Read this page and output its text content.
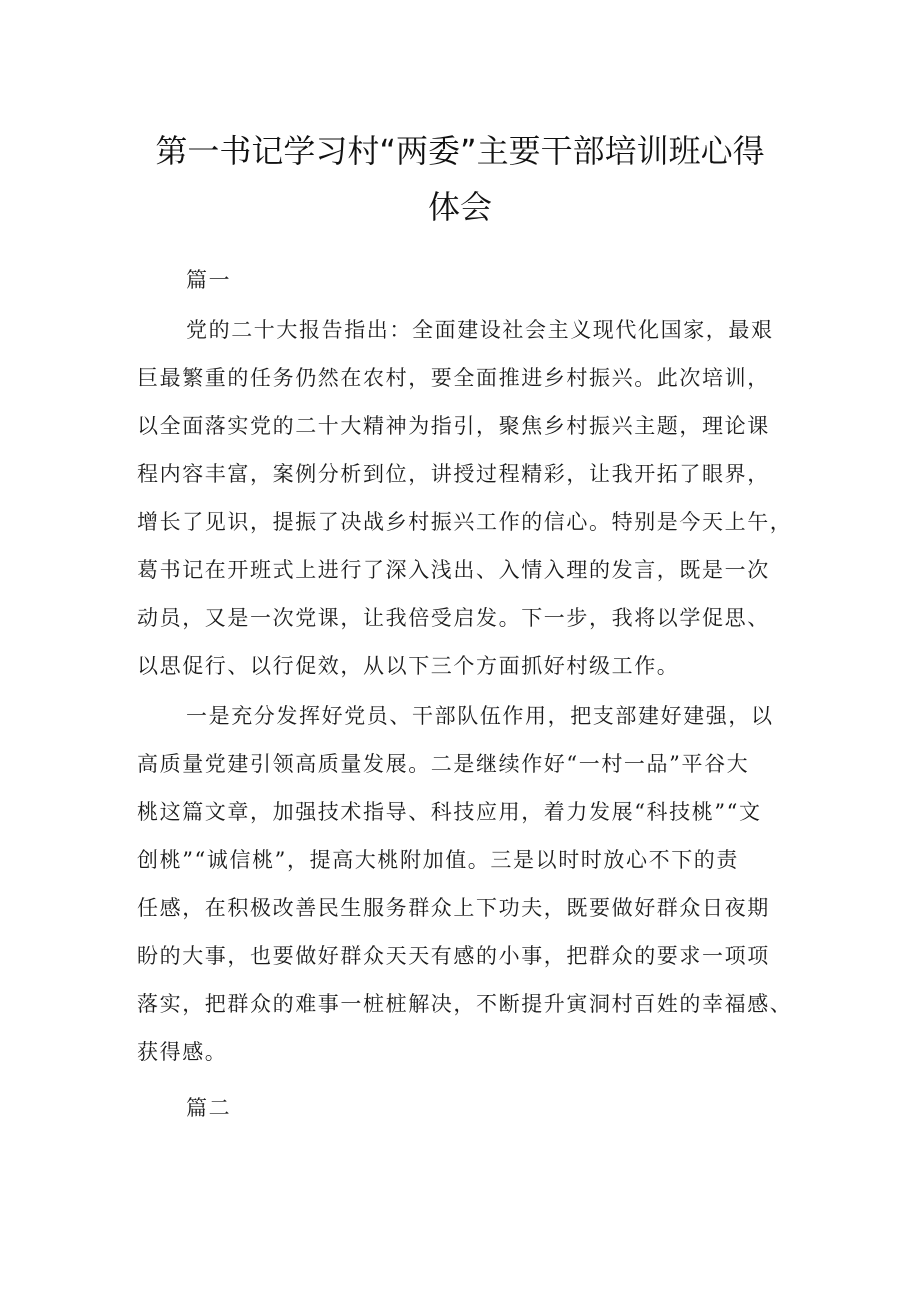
第一书记学习村“两委”主要干部培训班心得
体会
篇一
党的二十大报告指出：全面建设社会主义现代化国家，最艰
巨最繁重的任务仍然在农村，要全面推进乡村振兴。此次培训，
以全面落实党的二十大精神为指引，聚焦乡村振兴主题，理论课
程内容丰富，案例分析到位，讲授过程精彩，让我开拓了眼界，
增长了见识，提振了决战乡村振兴工作的信心。特别是今天上午，
葛书记在开班式上进行了深入浅出、入情入理的发言，既是一次
动员，又是一次党课，让我倍受启发。下一步，我将以学促思、
以思促行、以行促效，从以下三个方面抓好村级工作。
一是充分发挥好党员、干部队伍作用，把支部建好建强，以
高质量党建引领高质量发展。二是继续作好“一村一品”平谷大
桃这篇文章，加强技术指导、科技应用，着力发展“科技桃”“文
创桃”“诚信桃”，提高大桃附加值。三是以时时放心不下的责
任感，在积极改善民生服务群众上下功夫，既要做好群众日夜期
盼的大事，也要做好群众天天有感的小事，把群众的要求一项项
落实，把群众的难事一桩桩解决，不断提升寅洞村百姓的幸福感、
获得感。
篇二
